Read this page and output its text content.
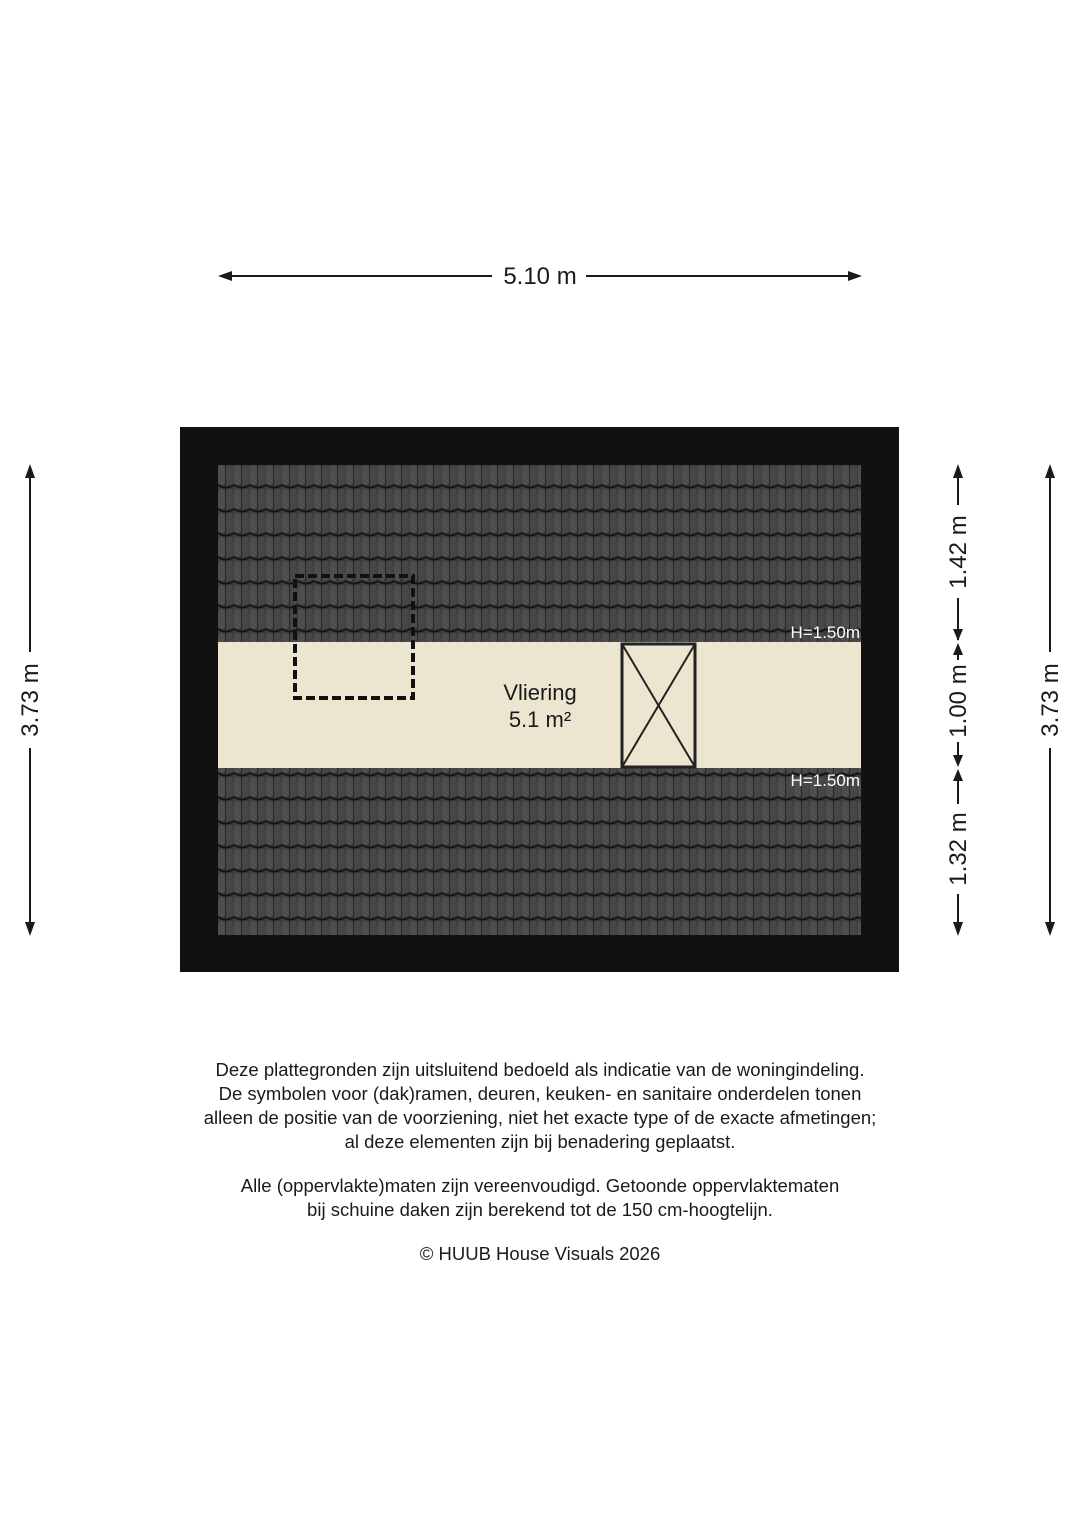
5.10 m
3.73 m	3.73 m
1.42 m
1.00 m
1.32 m
Vliering
5.1 m²
H=1.50m
H=1.50m

Deze plattegronden zijn uitsluitend bedoeld als indicatie van de woningindeling.
De symbolen voor (dak)ramen, deuren, keuken- en sanitaire onderdelen tonen
alleen de positie van de voorziening, niet het exacte type of de exacte afmetingen;
al deze elementen zijn bij benadering geplaatst.

Alle (oppervlakte)maten zijn vereenvoudigd. Getoonde oppervlaktematen
bij schuine daken zijn berekend tot de 150 cm-hoogtelijn.

© HUUB House Visuals 2026
